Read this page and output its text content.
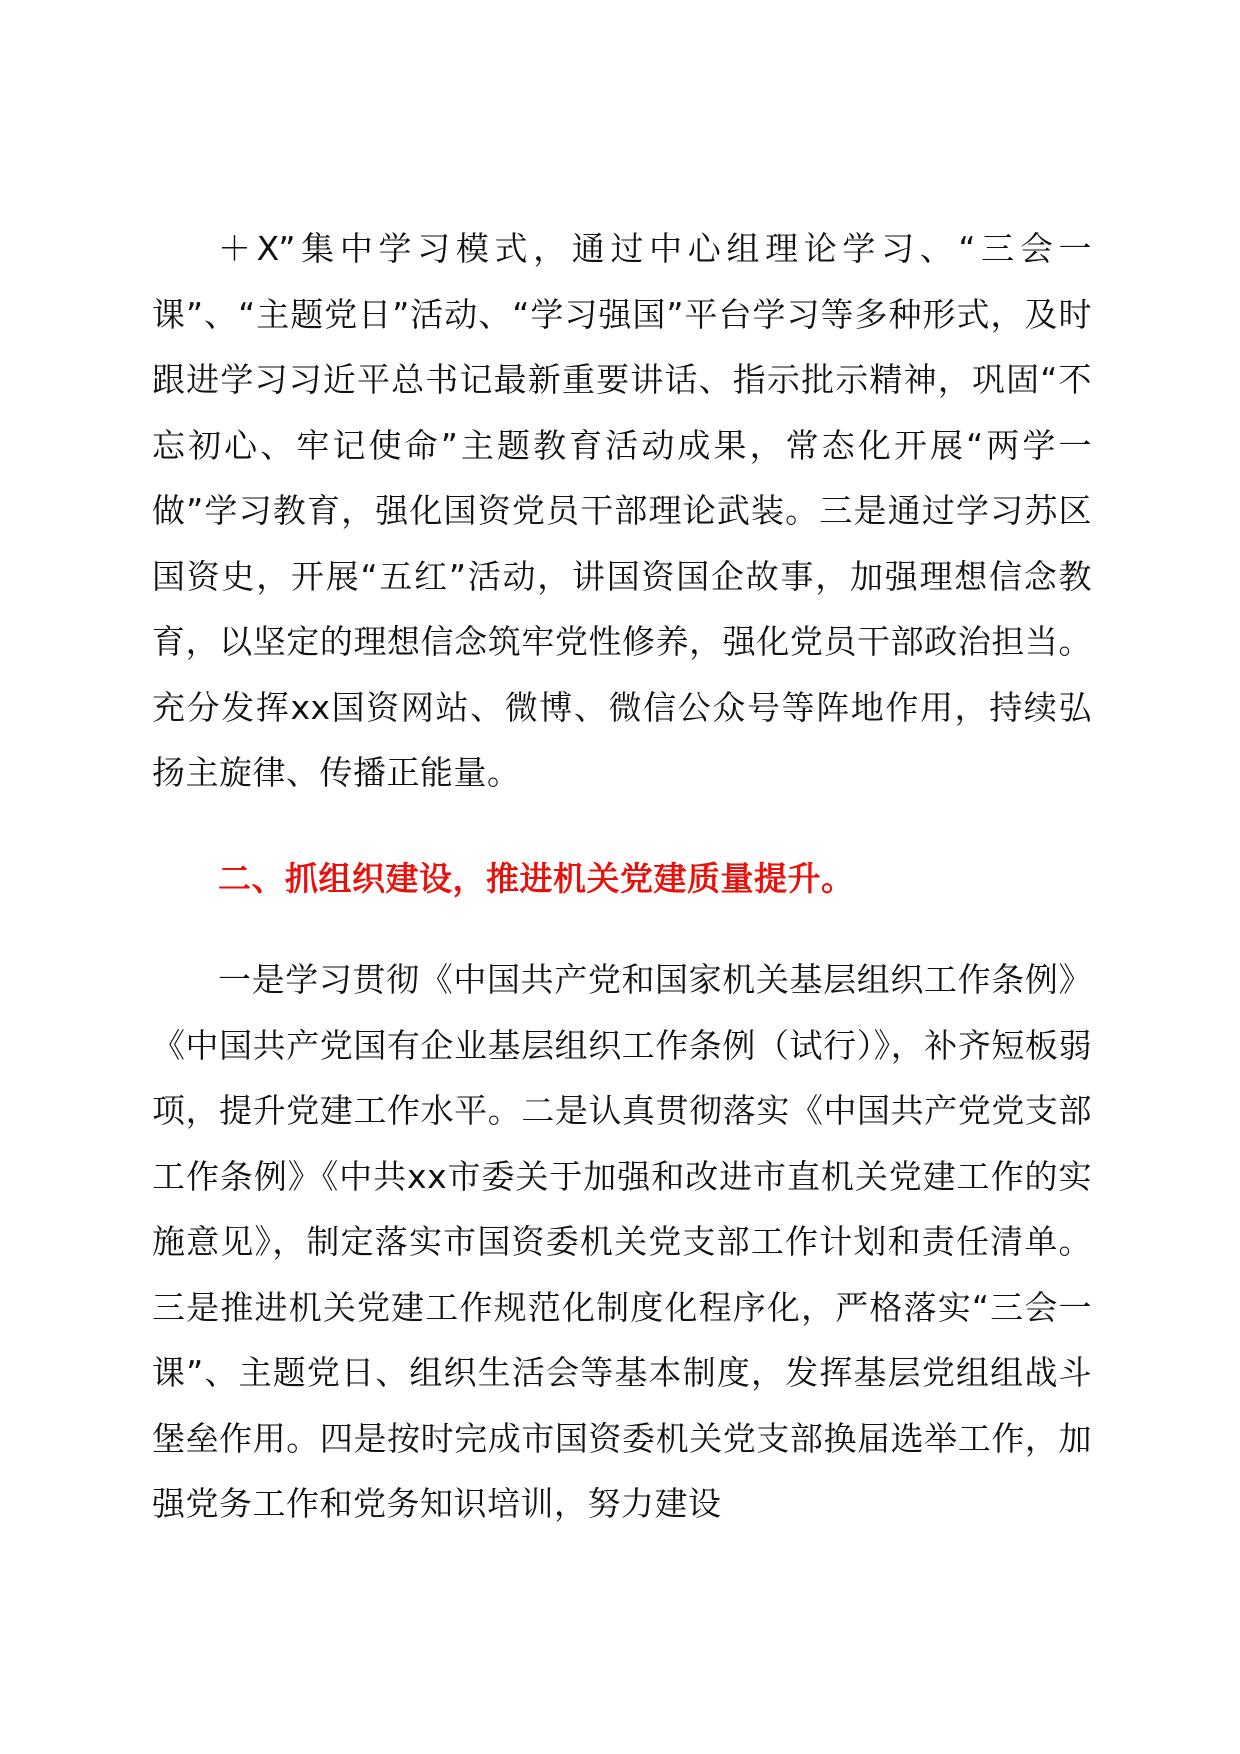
＋X”集中学习模式，通过中心组理论学习、“三会一课”、“主题党日”活动、“学习强国”平台学习等多种形式，及时跟进学习习近平总书记最新重要讲话、指示批示精神，巩固“不忘初心、牢记使命”主题教育活动成果，常态化开展“两学一做”学习教育，强化国资党员干部理论武装。三是通过学习苏区国资史，开展“五红”活动，讲国资国企故事，加强理想信念教育，以坚定的理想信念筑牢党性修养，强化党员干部政治担当。充分发挥xx国资网站、微博、微信公众号等阵地作用，持续弘扬主旋律、传播正能量。

二、抓组织建设，推进机关党建质量提升。

一是学习贯彻《中国共产党和国家机关基层组织工作条例》《中国共产党国有企业基层组织工作条例（试行）》，补齐短板弱项，提升党建工作水平。二是认真贯彻落实《中国共产党党支部工作条例》《中共xx市委关于加强和改进市直机关党建工作的实施意见》，制定落实市国资委机关党支部工作计划和责任清单。三是推进机关党建工作规范化制度化程序化，严格落实“三会一课”、主题党日、组织生活会等基本制度，发挥基层党组组战斗堡垒作用。四是按时完成市国资委机关党支部换届选举工作，加强党务工作和党务知识培训，努力建设
